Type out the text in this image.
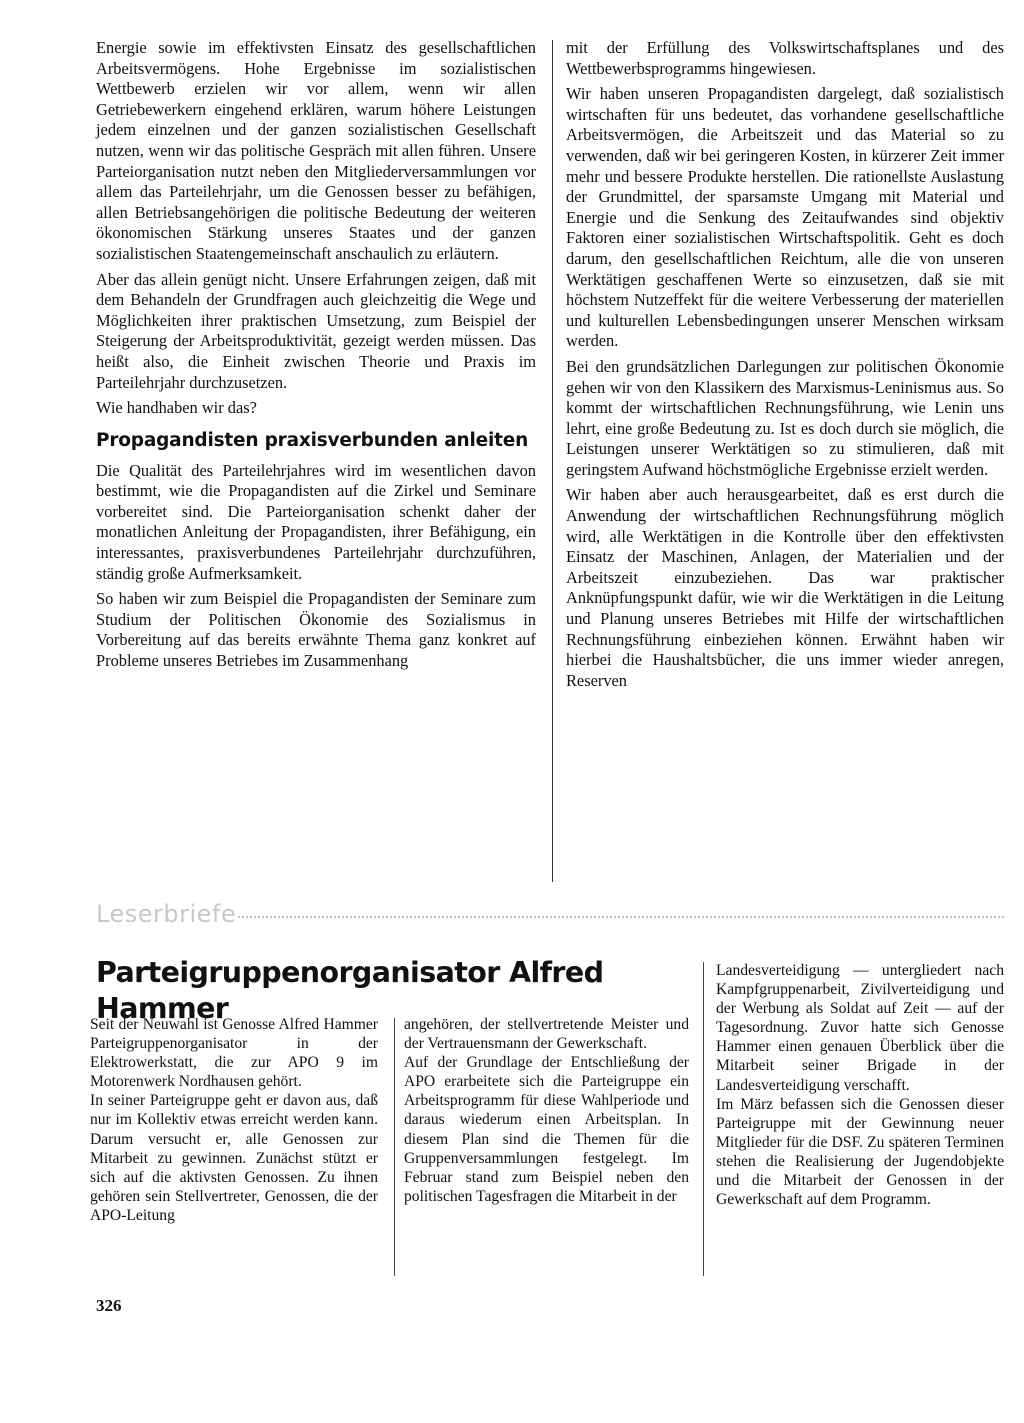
Energie sowie im effektivsten Einsatz des gesellschaftlichen Arbeitsvermögens. Hohe Ergebnisse im sozialistischen Wettbewerb erzielen wir vor allem, wenn wir allen Getriebewerkern eingehend erklären, warum höhere Leistungen jedem einzelnen und der ganzen sozialistischen Gesellschaft nutzen, wenn wir das politische Gespräch mit allen führen. Unsere Parteiorganisation nutzt neben den Mitgliederversammlungen vor allem das Parteilehrjahr, um die Genossen besser zu befähigen, allen Betriebsangehörigen die politische Bedeutung der weiteren ökonomischen Stärkung unseres Staates und der ganzen sozialistischen Staatengemeinschaft anschaulich zu erläutern.

Aber das allein genügt nicht. Unsere Erfahrungen zeigen, daß mit dem Behandeln der Grundfragen auch gleichzeitig die Wege und Möglichkeiten ihrer praktischen Umsetzung, zum Beispiel der Steigerung der Arbeitsproduktivität, gezeigt werden müssen. Das heißt also, die Einheit zwischen Theorie und Praxis im Parteilehrjahr durchzusetzen.

Wie handhaben wir das?

Propagandisten praxisverbunden anleiten

Die Qualität des Parteilehrjahres wird im wesentlichen davon bestimmt, wie die Propagandisten auf die Zirkel und Seminare vorbereitet sind. Die Parteiorganisation schenkt daher der monatlichen Anleitung der Propagandisten, ihrer Befähigung, ein interessantes, praxisverbundenes Parteilehrjahr durchzuführen, ständig große Aufmerksamkeit.

So haben wir zum Beispiel die Propagandisten der Seminare zum Studium der Politischen Ökonomie des Sozialismus in Vorbereitung auf das bereits erwähnte Thema ganz konkret auf Probleme unseres Betriebes im Zusammenhang

mit der Erfüllung des Volkswirtschaftsplanes und des Wettbewerbsprogramms hingewiesen.

Wir haben unseren Propagandisten dargelegt, daß sozialistisch wirtschaften für uns bedeutet, das vorhandene gesellschaftliche Arbeitsvermögen, die Arbeitszeit und das Material so zu verwenden, daß wir bei geringeren Kosten, in kürzerer Zeit immer mehr und bessere Produkte herstellen. Die rationellste Auslastung der Grundmittel, der sparsamste Umgang mit Material und Energie und die Senkung des Zeitaufwandes sind objektiv Faktoren einer sozialistischen Wirtschaftspolitik. Geht es doch darum, den gesellschaftlichen Reichtum, alle die von unseren Werktätigen geschaffenen Werte so einzusetzen, daß sie mit höchstem Nutzeffekt für die weitere Verbesserung der materiellen und kulturellen Lebensbedingungen unserer Menschen wirksam werden.

Bei den grundsätzlichen Darlegungen zur politischen Ökonomie gehen wir von den Klassikern des Marxismus-Leninismus aus. So kommt der wirtschaftlichen Rechnungsführung, wie Lenin uns lehrt, eine große Bedeutung zu. Ist es doch durch sie möglich, die Leistungen unserer Werktätigen so zu stimulieren, daß mit geringstem Aufwand höchstmögliche Ergebnisse erzielt werden.

Wir haben aber auch herausgearbeitet, daß es erst durch die Anwendung der wirtschaftlichen Rechnungsführung möglich wird, alle Werktätigen in die Kontrolle über den effektivsten Einsatz der Maschinen, Anlagen, der Materialien und der Arbeitszeit einzubeziehen. Das war praktischer Anknüpfungspunkt dafür, wie wir die Werktätigen in die Leitung und Planung unseres Betriebes mit Hilfe der wirtschaftlichen Rechnungsführung einbeziehen können. Erwähnt haben wir hierbei die Haushaltsbücher, die uns immer wieder anregen, Reserven

Leserbriefe
Parteigruppenorganisator Alfred Hammer

Seit der Neuwahl ist Genosse Alfred Hammer Parteigruppenorganisator in der Elektrowerkstatt, die zur APO 9 im Motorenwerk Nordhausen gehört.

In seiner Parteigruppe geht er davon aus, daß nur im Kollektiv etwas erreicht werden kann. Darum versucht er, alle Genossen zur Mitarbeit zu gewinnen. Zunächst stützt er sich auf die aktivsten Genossen. Zu ihnen gehören sein Stellvertreter, Genossen, die der APO-Leitung

angehören, der stellvertretende Meister und der Vertrauensmann der Gewerkschaft.

Auf der Grundlage der Entschließung der APO erarbeitete sich die Parteigruppe ein Arbeitsprogramm für diese Wahlperiode und daraus wiederum einen Arbeitsplan. In diesem Plan sind die Themen für die Gruppenversammlungen festgelegt. Im Februar stand zum Beispiel neben den politischen Tagesfragen die Mitarbeit in der

Landesverteidigung — untergliedert nach Kampfgruppenarbeit, Zivilverteidigung und der Werbung als Soldat auf Zeit — auf der Tagesordnung. Zuvor hatte sich Genosse Hammer einen genauen Überblick über die Mitarbeit seiner Brigade in der Landesverteidigung verschafft.

Im März befassen sich die Genossen dieser Parteigruppe mit der Gewinnung neuer Mitglieder für die DSF. Zu späteren Terminen stehen die Realisierung der Jugendobjekte und die Mitarbeit der Genossen in der Gewerkschaft auf dem Programm.

326
